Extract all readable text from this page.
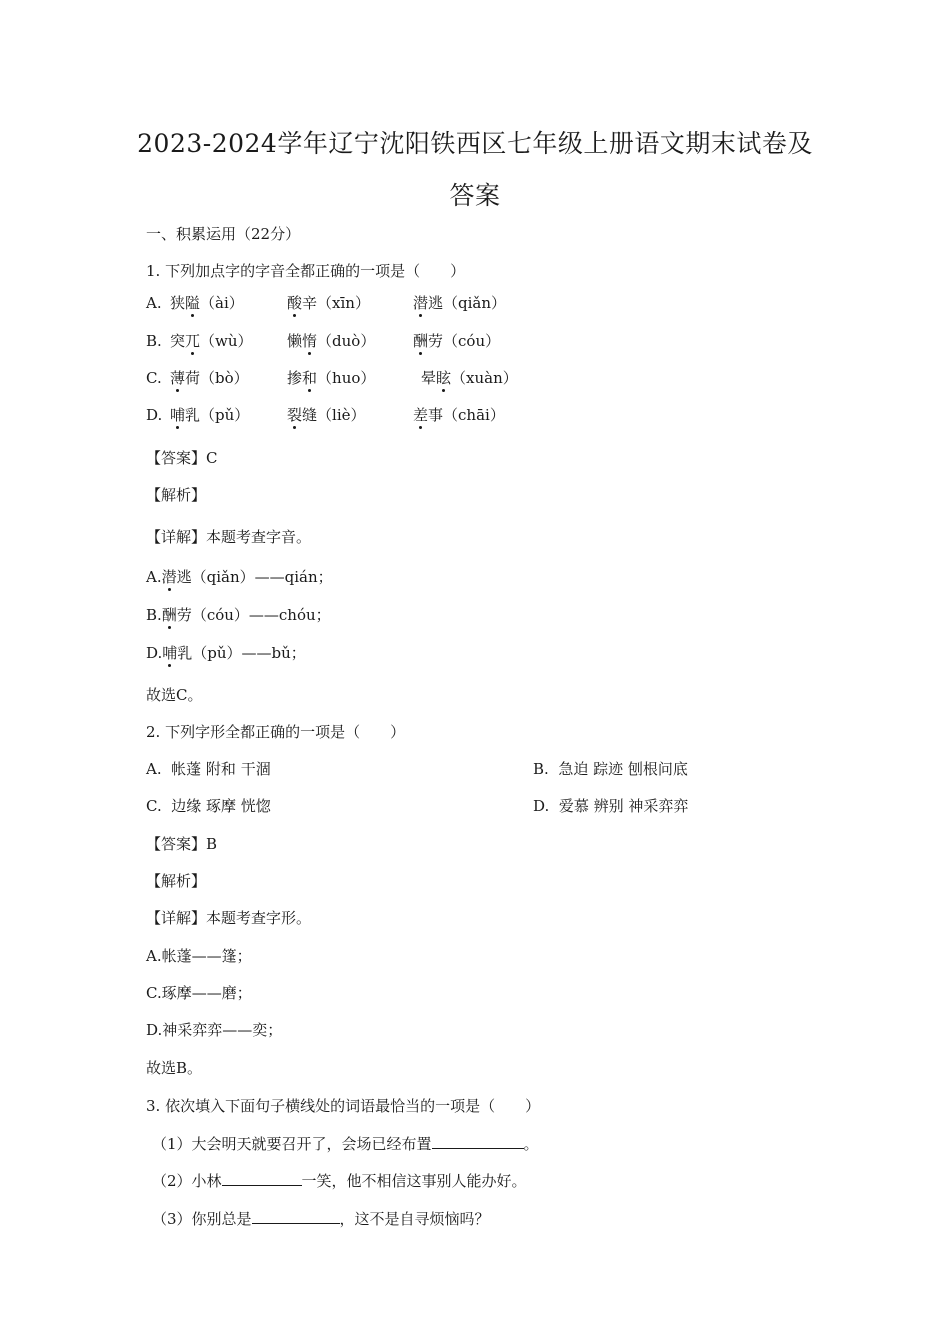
2023-2024学年辽宁沈阳铁西区七年级上册语文期末试卷及
答案
一、积累运用（22分）
1. 下列加点字的字音全都正确的一项是（　　）
A. 狭隘（ài）	酸辛（xīn）	潜逃（qiǎn）
B. 突兀（wù） 懒惰（duò）	酬劳（cóu）
C. 薄荷（bò）	掺和（huo）	晕眩（xuàn）
D. 哺乳（pǔ）	裂缝（liè）	差事（chāi）
【答案】C
【解析】
【详解】本题考查字音。
A.潜逃（qiǎn）——qián；
B.酬劳（cóu）——chóu；
D.哺乳（pǔ）——bǔ；
故选C。
2. 下列字形全都正确的一项是（　　）
A. 帐蓬 附和 干涸	B. 急迫 踪迹 刨根问底
C. 边缘 琢摩 恍惚	D. 爱慕 辨别 神采弈弈
【答案】B
【解析】
【详解】本题考查字形。
A.帐蓬——篷；
C.琢摩——磨；
D.神采弈弈——奕；
故选B。
3. 依次填入下面句子横线处的词语最恰当的一项是（　　）
（1）大会明天就要召开了，会场已经布置	。
（2）小林	一笑，他不相信这事别人能办好。
（3）你别总是	，这不是自寻烦恼吗？
